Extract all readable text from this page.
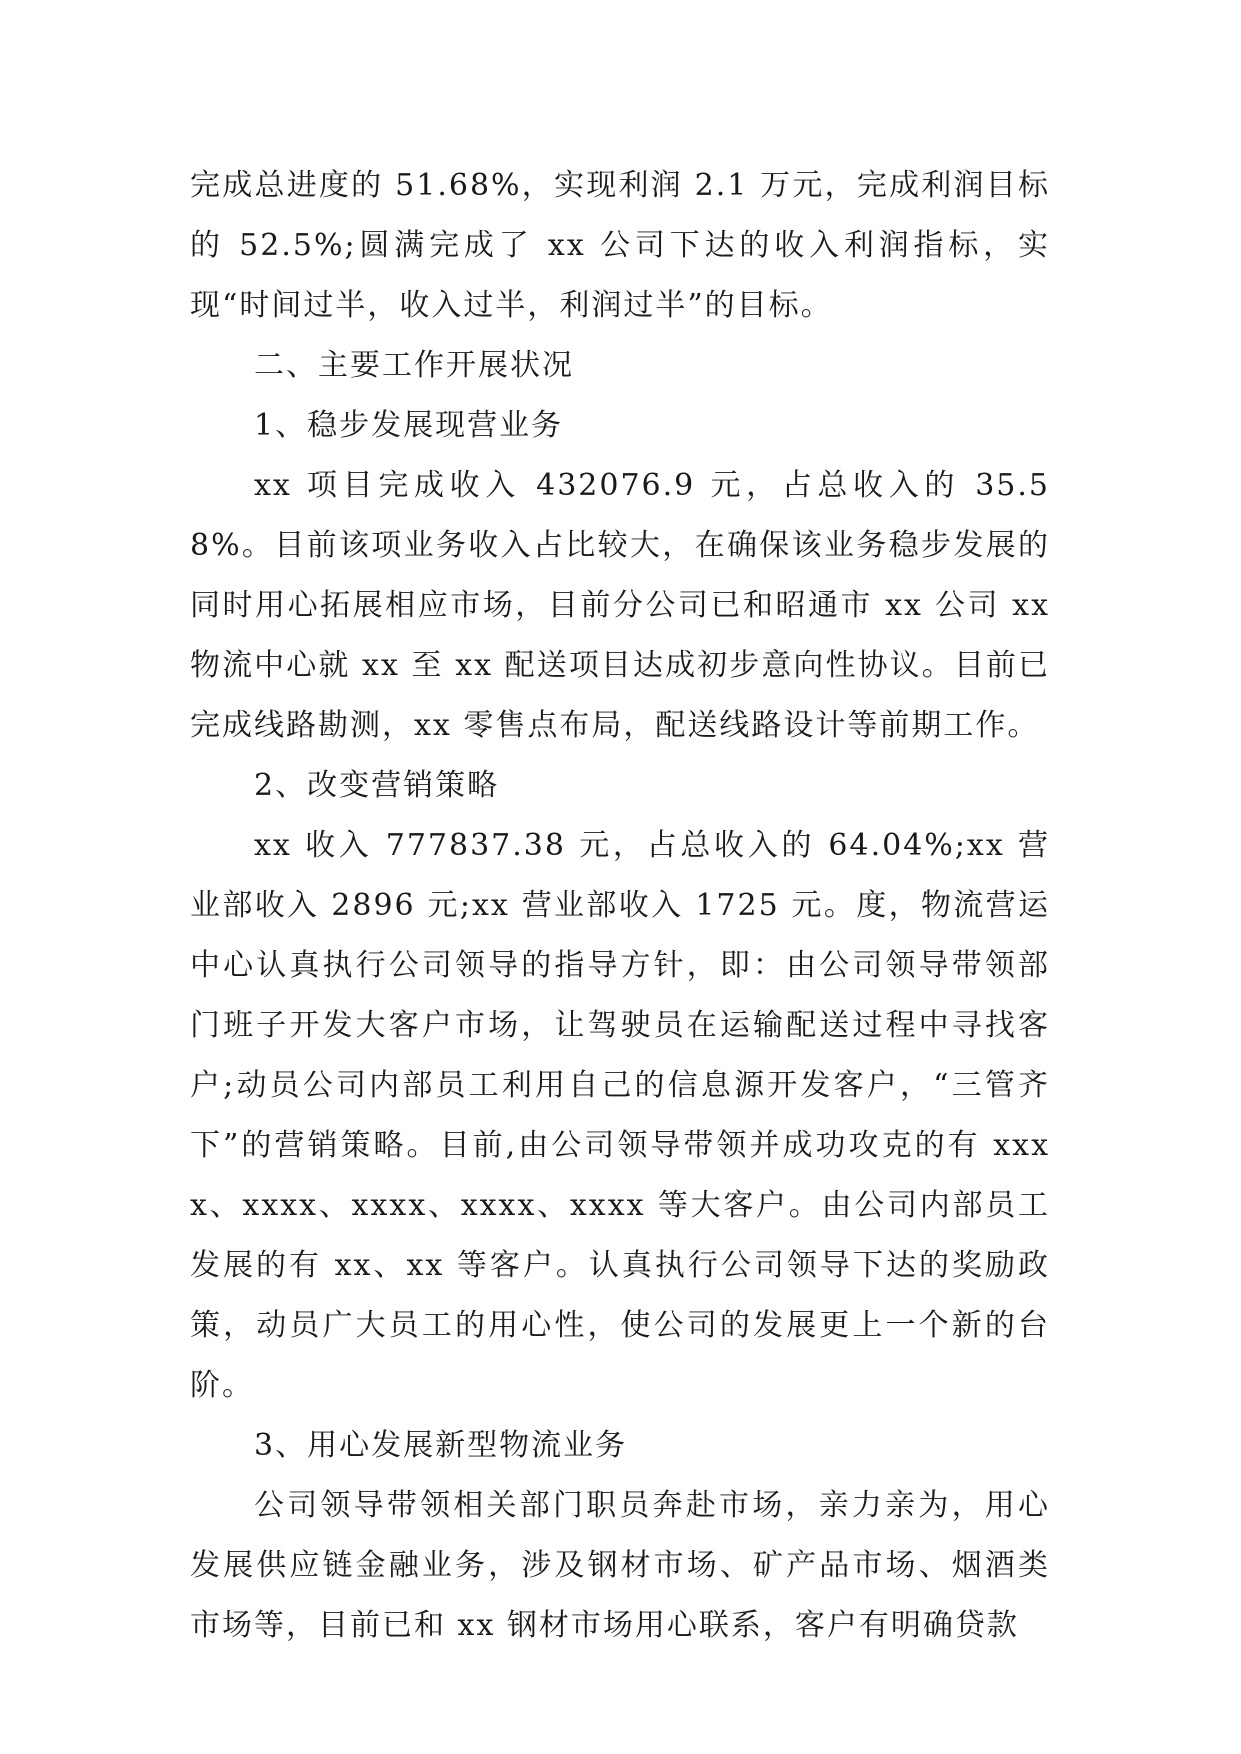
完成总进度的 51.68%，实现利润 2.1 万元，完成利润目标的 52.5%;圆满完成了 xx 公司下达的收入利润指标，实现“时间过半，收入过半，利润过半”的目标。

二、主要工作开展状况

1、稳步发展现营业务

xx 项目完成收入 432076.9 元，占总收入的 35.58%。目前该项业务收入占比较大，在确保该业务稳步发展的同时用心拓展相应市场，目前分公司已和昭通市 xx 公司 xx 物流中心就 xx 至 xx 配送项目达成初步意向性协议。目前已完成线路勘测，xx 零售点布局，配送线路设计等前期工作。

2、改变营销策略

xx 收入 777837.38 元，占总收入的 64.04%;xx 营业部收入 2896 元;xx 营业部收入 1725 元。度，物流营运中心认真执行公司领导的指导方针，即：由公司领导带领部门班子开发大客户市场，让驾驶员在运输配送过程中寻找客户;动员公司内部员工利用自己的信息源开发客户，“三管齐下”的营销策略。目前,由公司领导带领并成功攻克的有 xxxx、xxxx、xxxx、xxxx、xxxx 等大客户。由公司内部员工发展的有 xx、xx 等客户。认真执行公司领导下达的奖励政策，动员广大员工的用心性，使公司的发展更上一个新的台阶。

3、用心发展新型物流业务

公司领导带领相关部门职员奔赴市场，亲力亲为，用心发展供应链金融业务，涉及钢材市场、矿产品市场、烟酒类市场等，目前已和 xx 钢材市场用心联系，客户有明确贷款
